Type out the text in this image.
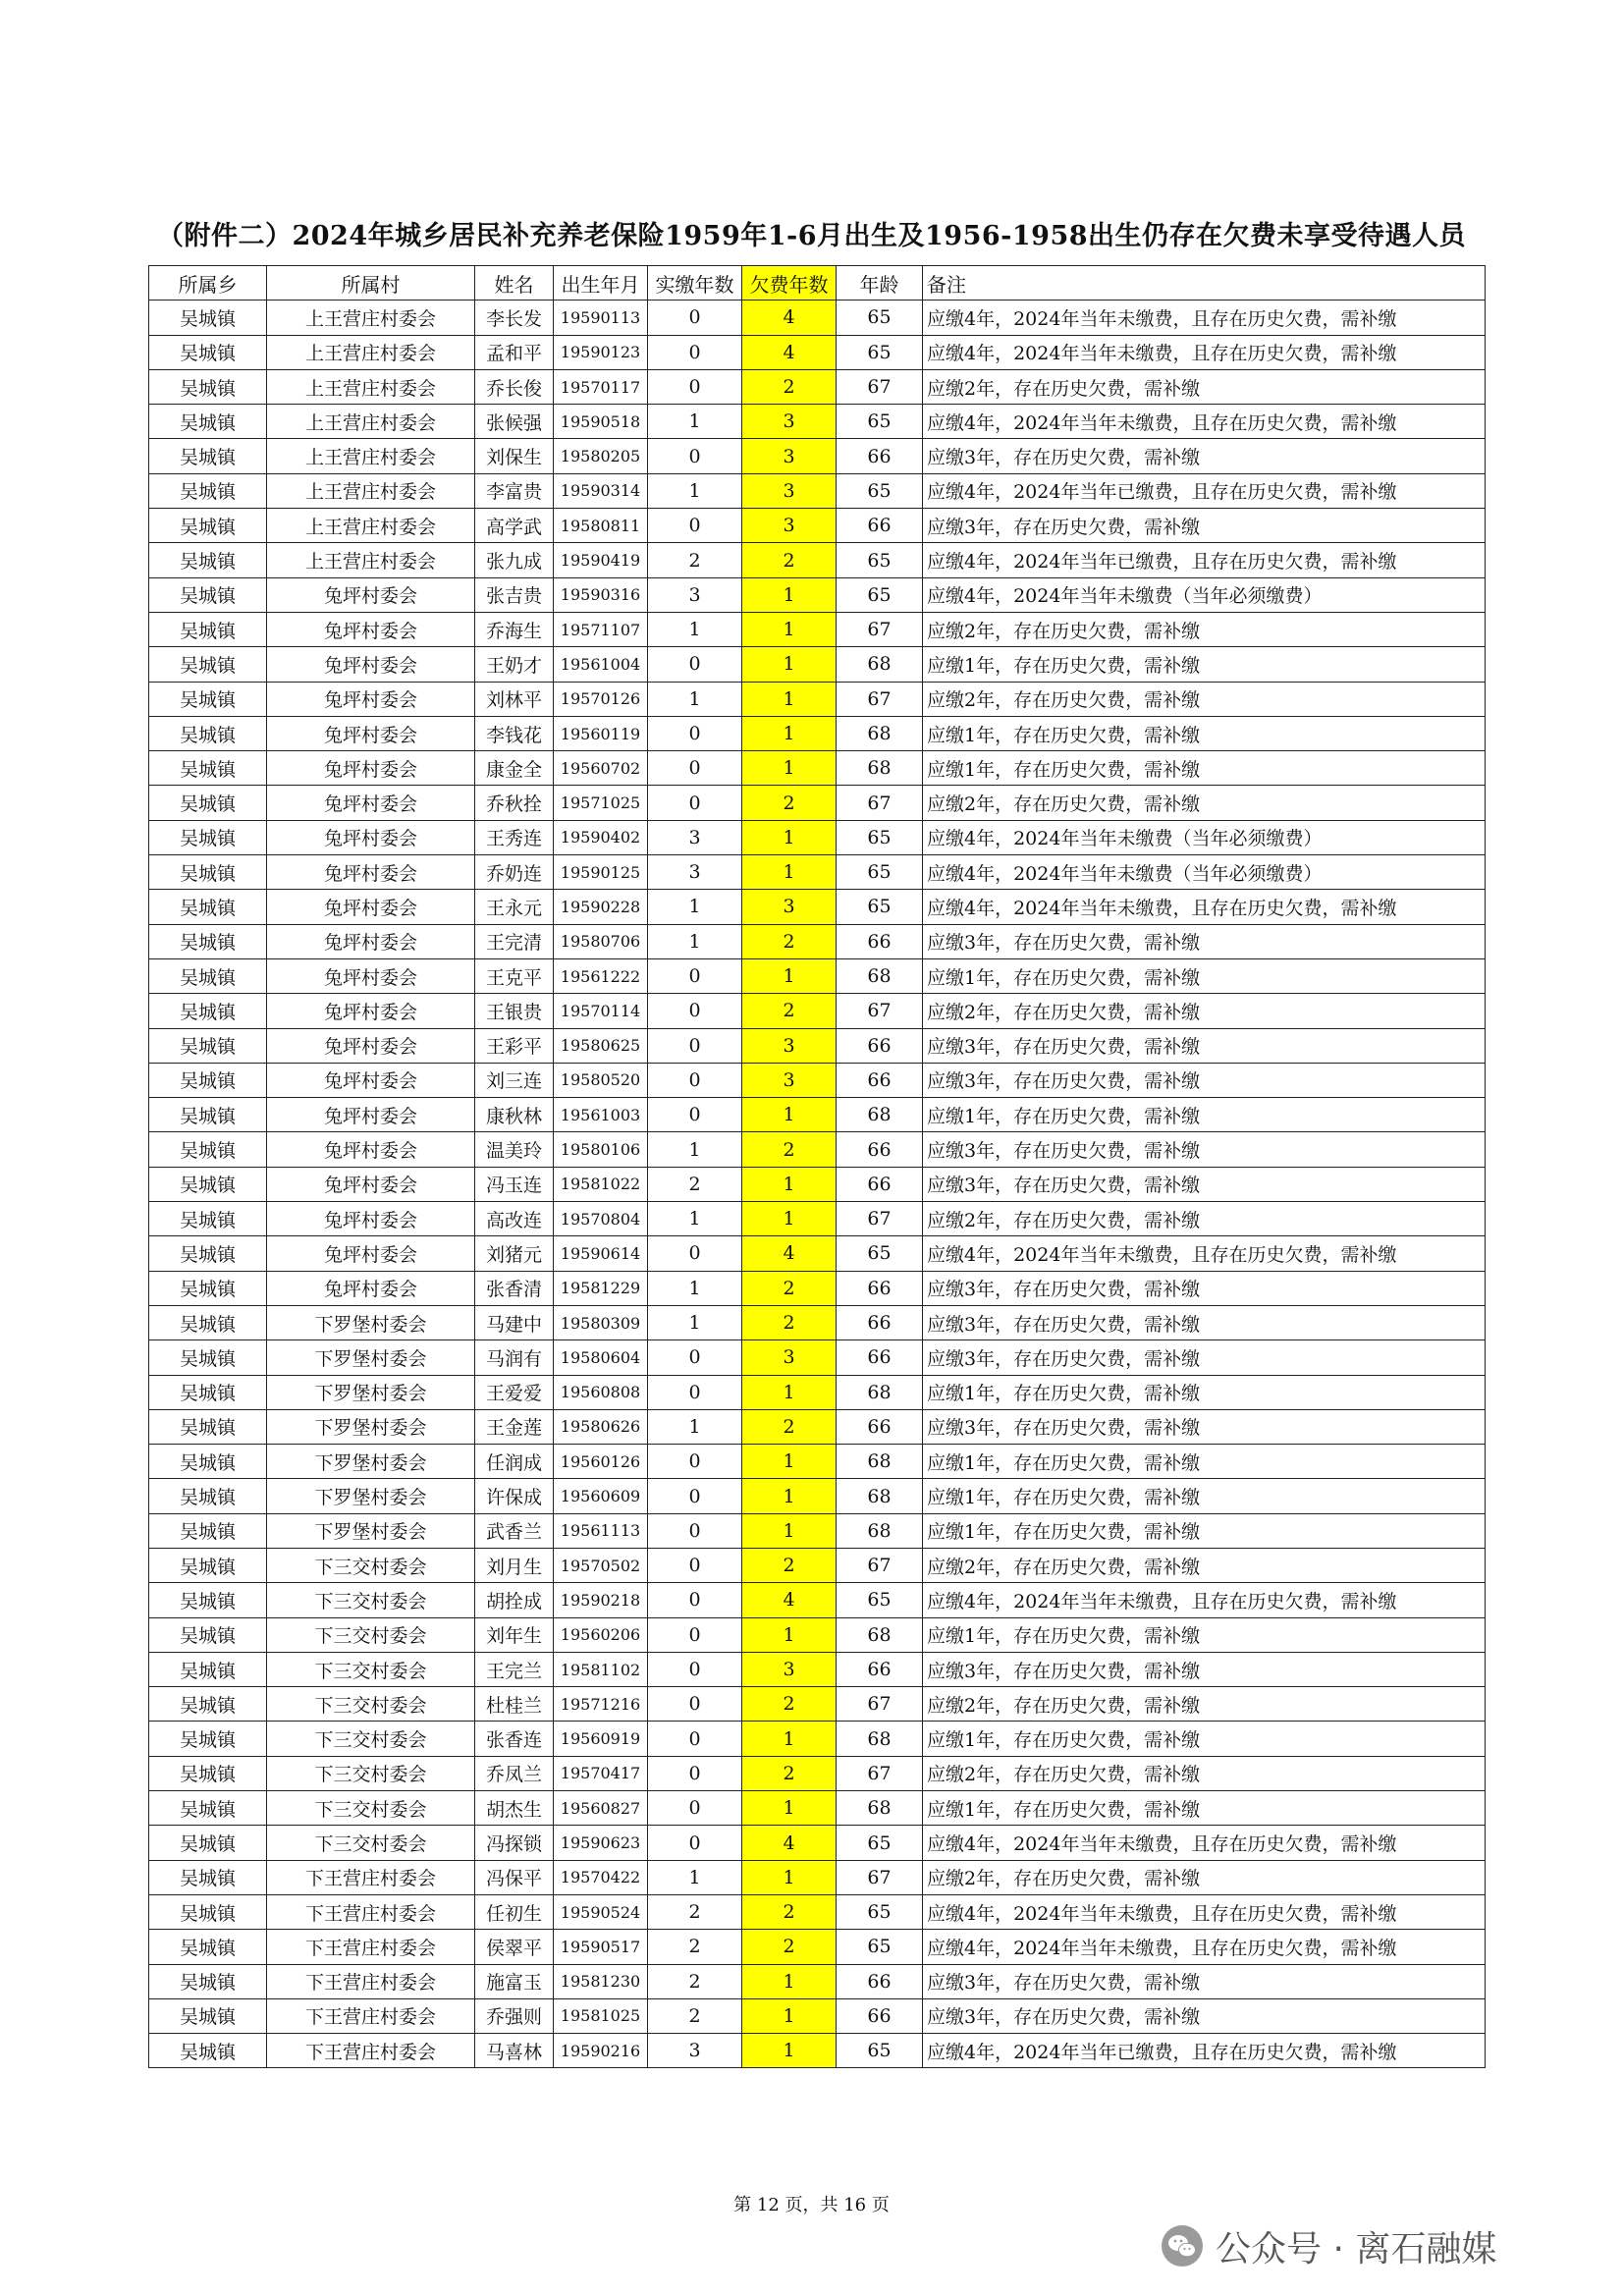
（附件二）2024年城乡居民补充养老保险1959年1-6月出生及1956-1958出生仍存在欠费未享受待遇人员
所属乡	所属村	姓名	出生年月	实缴年数	欠费年数	年龄	备注
吴城镇	上王营庄村委会	李长发	19590113	0	4	65	应缴4年，2024年当年未缴费，且存在历史欠费，需补缴
吴城镇	上王营庄村委会	孟和平	19590123	0	4	65	应缴4年，2024年当年未缴费，且存在历史欠费，需补缴
吴城镇	上王营庄村委会	乔长俊	19570117	0	2	67	应缴2年，存在历史欠费，需补缴
吴城镇	上王营庄村委会	张候强	19590518	1	3	65	应缴4年，2024年当年未缴费，且存在历史欠费，需补缴
吴城镇	上王营庄村委会	刘保生	19580205	0	3	66	应缴3年，存在历史欠费，需补缴
吴城镇	上王营庄村委会	李富贵	19590314	1	3	65	应缴4年，2024年当年已缴费，且存在历史欠费，需补缴
吴城镇	上王营庄村委会	高学武	19580811	0	3	66	应缴3年，存在历史欠费，需补缴
吴城镇	上王营庄村委会	张九成	19590419	2	2	65	应缴4年，2024年当年已缴费，且存在历史欠费，需补缴
吴城镇	兔坪村委会	张吉贵	19590316	3	1	65	应缴4年，2024年当年未缴费（当年必须缴费）
吴城镇	兔坪村委会	乔海生	19571107	1	1	67	应缴2年，存在历史欠费，需补缴
吴城镇	兔坪村委会	王奶才	19561004	0	1	68	应缴1年，存在历史欠费，需补缴
吴城镇	兔坪村委会	刘林平	19570126	1	1	67	应缴2年，存在历史欠费，需补缴
吴城镇	兔坪村委会	李钱花	19560119	0	1	68	应缴1年，存在历史欠费，需补缴
吴城镇	兔坪村委会	康金全	19560702	0	1	68	应缴1年，存在历史欠费，需补缴
吴城镇	兔坪村委会	乔秋拴	19571025	0	2	67	应缴2年，存在历史欠费，需补缴
吴城镇	兔坪村委会	王秀连	19590402	3	1	65	应缴4年，2024年当年未缴费（当年必须缴费）
吴城镇	兔坪村委会	乔奶连	19590125	3	1	65	应缴4年，2024年当年未缴费（当年必须缴费）
吴城镇	兔坪村委会	王永元	19590228	1	3	65	应缴4年，2024年当年未缴费，且存在历史欠费，需补缴
吴城镇	兔坪村委会	王完清	19580706	1	2	66	应缴3年，存在历史欠费，需补缴
吴城镇	兔坪村委会	王克平	19561222	0	1	68	应缴1年，存在历史欠费，需补缴
吴城镇	兔坪村委会	王银贵	19570114	0	2	67	应缴2年，存在历史欠费，需补缴
吴城镇	兔坪村委会	王彩平	19580625	0	3	66	应缴3年，存在历史欠费，需补缴
吴城镇	兔坪村委会	刘三连	19580520	0	3	66	应缴3年，存在历史欠费，需补缴
吴城镇	兔坪村委会	康秋林	19561003	0	1	68	应缴1年，存在历史欠费，需补缴
吴城镇	兔坪村委会	温美玲	19580106	1	2	66	应缴3年，存在历史欠费，需补缴
吴城镇	兔坪村委会	冯玉连	19581022	2	1	66	应缴3年，存在历史欠费，需补缴
吴城镇	兔坪村委会	高改连	19570804	1	1	67	应缴2年，存在历史欠费，需补缴
吴城镇	兔坪村委会	刘猪元	19590614	0	4	65	应缴4年，2024年当年未缴费，且存在历史欠费，需补缴
吴城镇	兔坪村委会	张香清	19581229	1	2	66	应缴3年，存在历史欠费，需补缴
吴城镇	下罗堡村委会	马建中	19580309	1	2	66	应缴3年，存在历史欠费，需补缴
吴城镇	下罗堡村委会	马润有	19580604	0	3	66	应缴3年，存在历史欠费，需补缴
吴城镇	下罗堡村委会	王爱爱	19560808	0	1	68	应缴1年，存在历史欠费，需补缴
吴城镇	下罗堡村委会	王金莲	19580626	1	2	66	应缴3年，存在历史欠费，需补缴
吴城镇	下罗堡村委会	任润成	19560126	0	1	68	应缴1年，存在历史欠费，需补缴
吴城镇	下罗堡村委会	许保成	19560609	0	1	68	应缴1年，存在历史欠费，需补缴
吴城镇	下罗堡村委会	武香兰	19561113	0	1	68	应缴1年，存在历史欠费，需补缴
吴城镇	下三交村委会	刘月生	19570502	0	2	67	应缴2年，存在历史欠费，需补缴
吴城镇	下三交村委会	胡拴成	19590218	0	4	65	应缴4年，2024年当年未缴费，且存在历史欠费，需补缴
吴城镇	下三交村委会	刘年生	19560206	0	1	68	应缴1年，存在历史欠费，需补缴
吴城镇	下三交村委会	王完兰	19581102	0	3	66	应缴3年，存在历史欠费，需补缴
吴城镇	下三交村委会	杜桂兰	19571216	0	2	67	应缴2年，存在历史欠费，需补缴
吴城镇	下三交村委会	张香连	19560919	0	1	68	应缴1年，存在历史欠费，需补缴
吴城镇	下三交村委会	乔凤兰	19570417	0	2	67	应缴2年，存在历史欠费，需补缴
吴城镇	下三交村委会	胡杰生	19560827	0	1	68	应缴1年，存在历史欠费，需补缴
吴城镇	下三交村委会	冯探锁	19590623	0	4	65	应缴4年，2024年当年未缴费，且存在历史欠费，需补缴
吴城镇	下王营庄村委会	冯保平	19570422	1	1	67	应缴2年，存在历史欠费，需补缴
吴城镇	下王营庄村委会	任初生	19590524	2	2	65	应缴4年，2024年当年未缴费，且存在历史欠费，需补缴
吴城镇	下王营庄村委会	侯翠平	19590517	2	2	65	应缴4年，2024年当年未缴费，且存在历史欠费，需补缴
吴城镇	下王营庄村委会	施富玉	19581230	2	1	66	应缴3年，存在历史欠费，需补缴
吴城镇	下王营庄村委会	乔强则	19581025	2	1	66	应缴3年，存在历史欠费，需补缴
吴城镇	下王营庄村委会	马喜林	19590216	3	1	65	应缴4年，2024年当年已缴费，且存在历史欠费，需补缴
第 12 页，共 16 页
公众号 · 离石融媒
